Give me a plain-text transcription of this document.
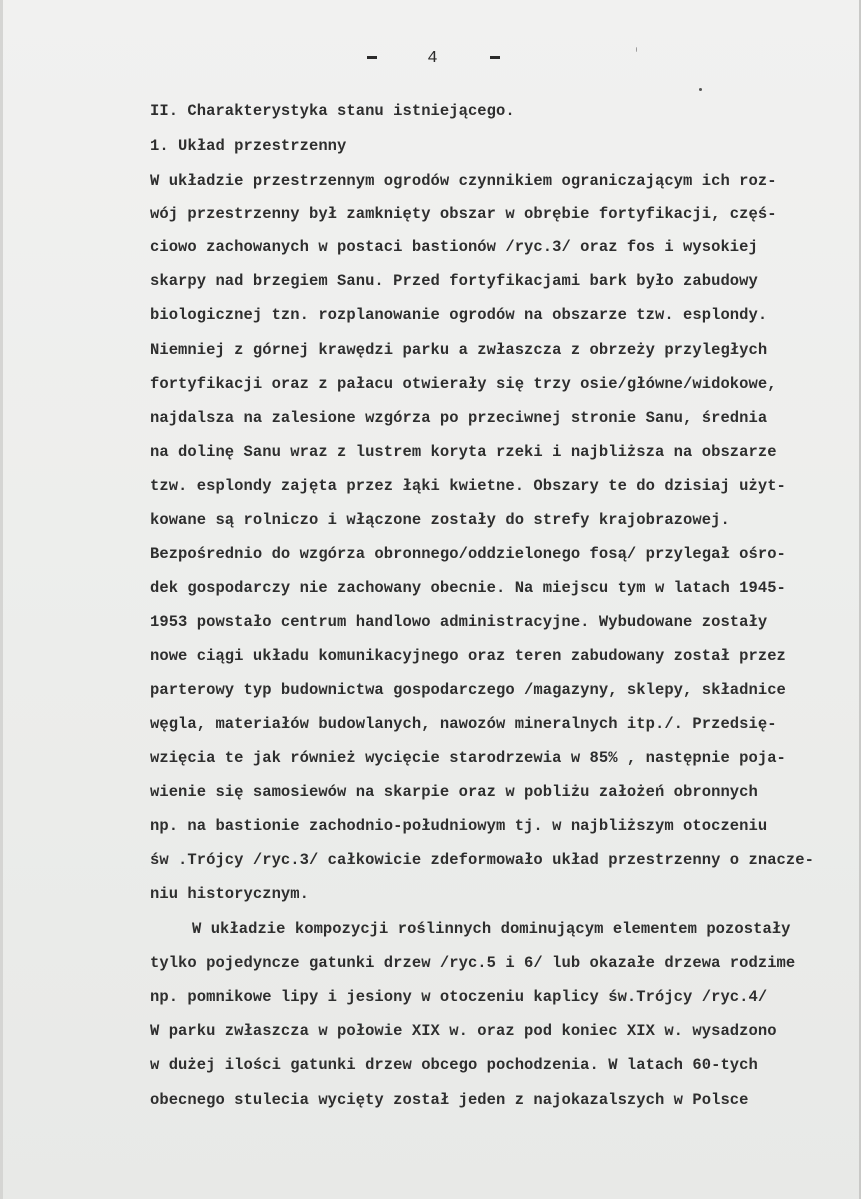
4
II. Charakterystyka stanu istniejącego.
1. Układ przestrzenny
W układzie przestrzennym ogrodów czynnikiem ograniczającym ich roz-
wój przestrzenny był zamknięty obszar w obrębie fortyfikacji, częś-
ciowo zachowanych w postaci bastionów /ryc.3/ oraz fos i wysokiej
skarpy nad brzegiem Sanu. Przed fortyfikacjami bark było zabudowy
biologicznej tzn. rozplanowanie ogrodów na obszarze tzw. esplondy.
Niemniej z górnej krawędzi parku a zwłaszcza z obrzeży przyległych
fortyfikacji oraz z pałacu otwierały się trzy osie/główne/widokowe,
najdalsza na zalesione wzgórza po przeciwnej stronie Sanu, średnia
na dolinę Sanu wraz z lustrem koryta rzeki i najbliższa na obszarze
tzw. esplondy zajęta przez łąki kwietne. Obszary te do dzisiaj użyt-
kowane są rolniczo i włączone zostały do strefy krajobrazowej.
Bezpośrednio do wzgórza obronnego/oddzielonego fosą/ przylegał ośro-
dek gospodarczy nie zachowany obecnie. Na miejscu tym w latach 1945-
1953 powstało centrum handlowo administracyjne. Wybudowane zostały
nowe ciągi układu komunikacyjnego oraz teren zabudowany został przez
parterowy typ budownictwa gospodarczego /magazyny, sklepy, składnice
węgla, materiałów budowlanych, nawozów mineralnych itp./. Przedsię-
wzięcia te jak również wycięcie starodrzewia w 85% , następnie poja-
wienie się samosiewów na skarpie oraz w pobliżu założeń obronnych
np. na bastionie zachodnio-południowym tj. w najbliższym otoczeniu
św .Trójcy /ryc.3/ całkowicie zdeformowało układ przestrzenny o znacze-
niu historycznym.
W układzie kompozycji roślinnych dominującym elementem pozostały
tylko pojedyncze gatunki drzew /ryc.5 i 6/ lub okazałe drzewa rodzime
np. pomnikowe lipy i jesiony w otoczeniu kaplicy św.Trójcy /ryc.4/
W parku zwłaszcza w połowie XIX w. oraz pod koniec XIX w. wysadzono
w dużej ilości gatunki drzew obcego pochodzenia. W latach 60-tych
obecnego stulecia wycięty został jeden z najokazalszych w Polsce
